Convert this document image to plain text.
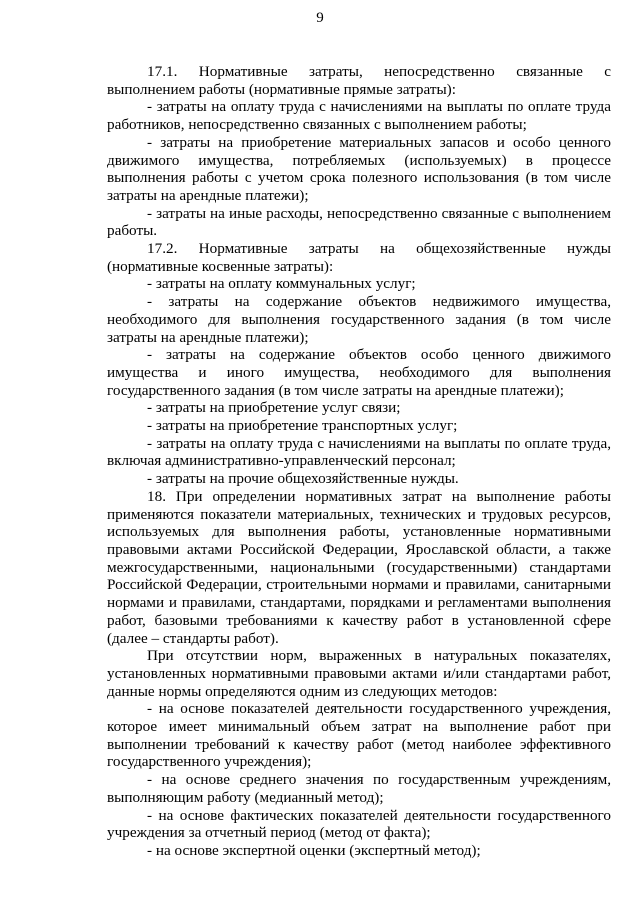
9

17.1. Нормативные затраты, непосредственно связанные с выполнением работы (нормативные прямые затраты):

- затраты на оплату труда с начислениями на выплаты по оплате труда работников, непосредственно связанных с выполнением работы;

- затраты на приобретение материальных запасов и особо ценного движимого имущества, потребляемых (используемых) в процессе выполнения работы с учетом срока полезного использования (в том числе затраты на арендные платежи);

- затраты на иные расходы, непосредственно связанные с выполнением работы.

17.2. Нормативные затраты на общехозяйственные нужды (нормативные косвенные затраты):

- затраты на оплату коммунальных услуг;

- затраты на содержание объектов недвижимого имущества, необходимого для выполнения государственного задания (в том числе затраты на арендные платежи);

- затраты на содержание объектов особо ценного движимого имущества и иного имущества, необходимого для выполнения государственного задания (в том числе затраты на арендные платежи);

- затраты на приобретение услуг связи;

- затраты на приобретение транспортных услуг;

- затраты на оплату труда с начислениями на выплаты по оплате труда, включая административно-управленческий персонал;

- затраты на прочие общехозяйственные нужды.

18. При определении нормативных затрат на выполнение работы применяются показатели материальных, технических и трудовых ресурсов, используемых для выполнения работы, установленные нормативными правовыми актами Российской Федерации, Ярославской области, а также межгосударственными, национальными (государственными) стандартами Российской Федерации, строительными нормами и правилами, санитарными нормами и правилами, стандартами, порядками и регламентами выполнения работ, базовыми требованиями к качеству работ в установленной сфере (далее – стандарты работ).

При отсутствии норм, выраженных в натуральных показателях, установленных нормативными правовыми актами и/или стандартами работ, данные нормы определяются одним из следующих методов:

- на основе показателей деятельности государственного учреждения, которое имеет минимальный объем затрат на выполнение работ при выполнении требований к качеству работ (метод наиболее эффективного государственного учреждения);

- на основе среднего значения по государственным учреждениям, выполняющим работу (медианный метод);

- на основе фактических показателей деятельности государственного учреждения за отчетный период (метод от факта);

- на основе экспертной оценки (экспертный метод);
